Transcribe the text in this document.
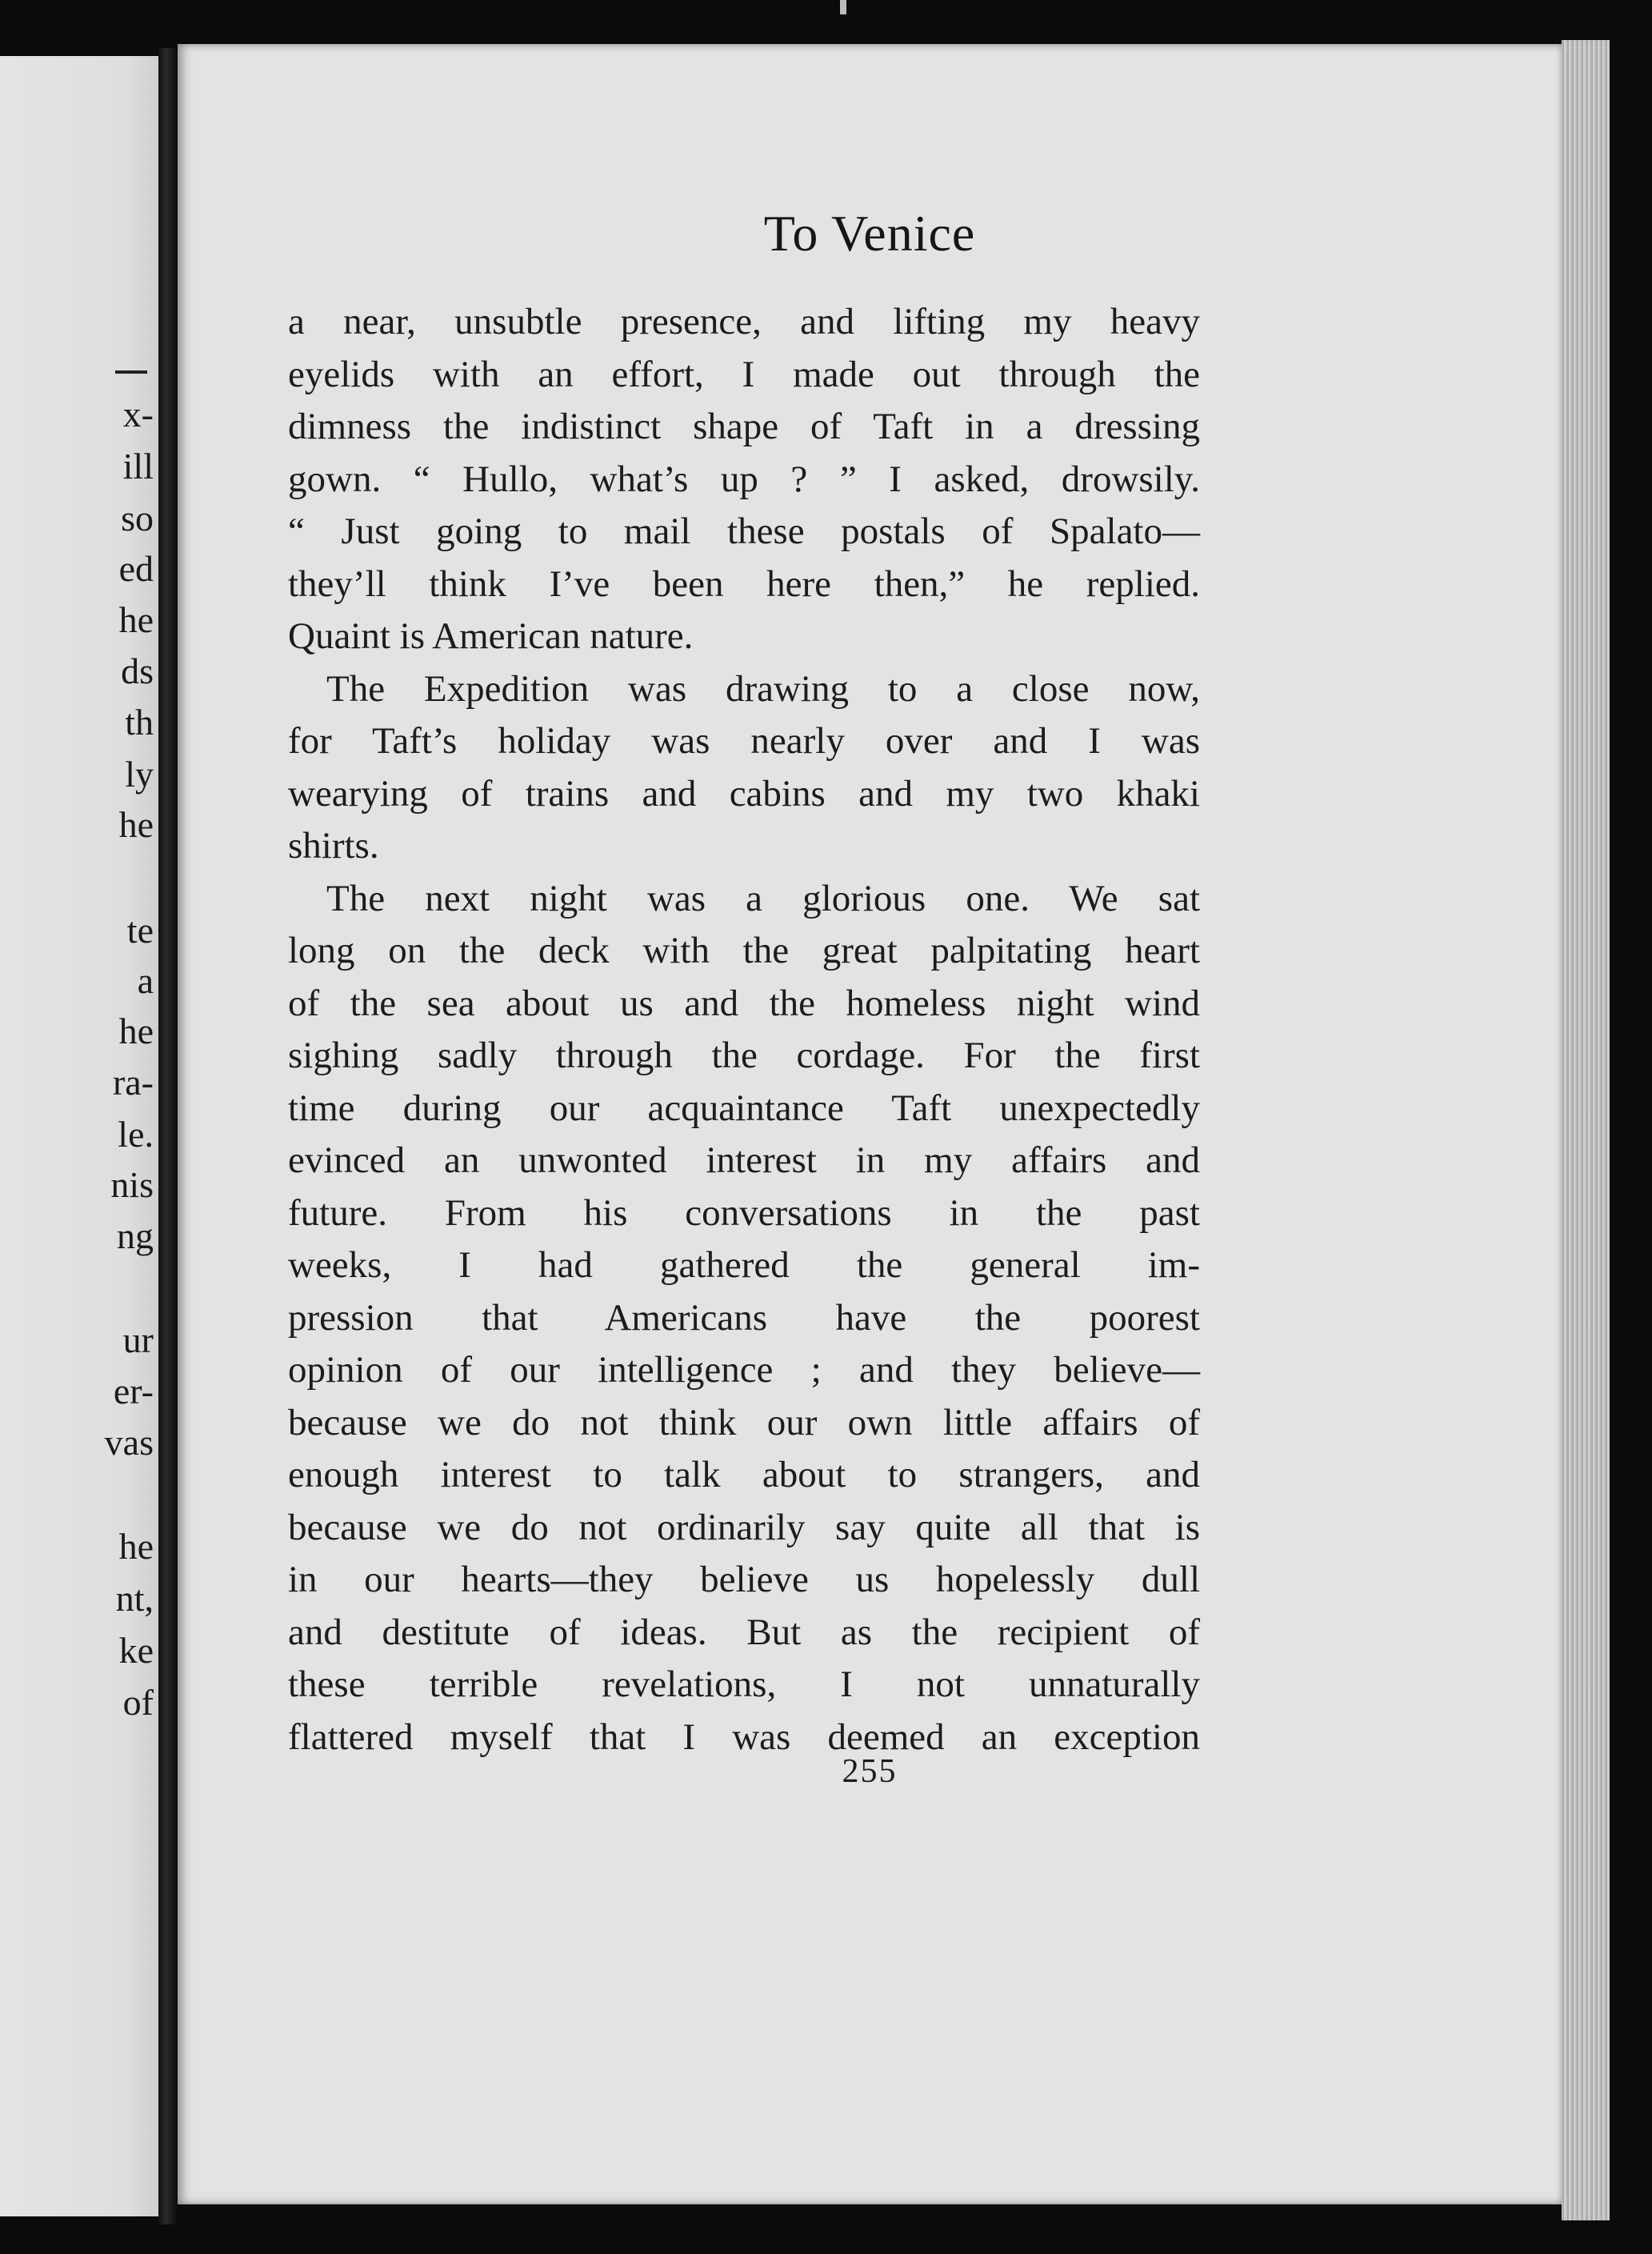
x-
ill
so
ed
he
ds
th
ly
he
te
a
he
ra-
le.
nis
ng
ur
er-
vas
he
nt,
ke
of
To Venice
a near, unsubtle presence, and lifting my heavy
eyelids with an effort, I made out through the
dimness the indistinct shape of Taft in a dressing
gown. “ Hullo, what’s up ? ” I asked, drowsily.
“ Just going to mail these postals of Spalato—
they’ll think I’ve been here then,” he replied.
Quaint is American nature.
The Expedition was drawing to a close now,
for Taft’s holiday was nearly over and I was
wearying of trains and cabins and my two khaki
shirts.
The next night was a glorious one. We sat
long on the deck with the great palpitating heart
of the sea about us and the homeless night wind
sighing sadly through the cordage. For the first
time during our acquaintance Taft unexpectedly
evinced an unwonted interest in my affairs and
future. From his conversations in the past
weeks, I had gathered the general im-
pression that Americans have the poorest
opinion of our intelligence ; and they believe—
because we do not think our own little affairs of
enough interest to talk about to strangers, and
because we do not ordinarily say quite all that is
in our hearts—they believe us hopelessly dull
and destitute of ideas. But as the recipient of
these terrible revelations, I not unnaturally
flattered myself that I was deemed an exception
255
